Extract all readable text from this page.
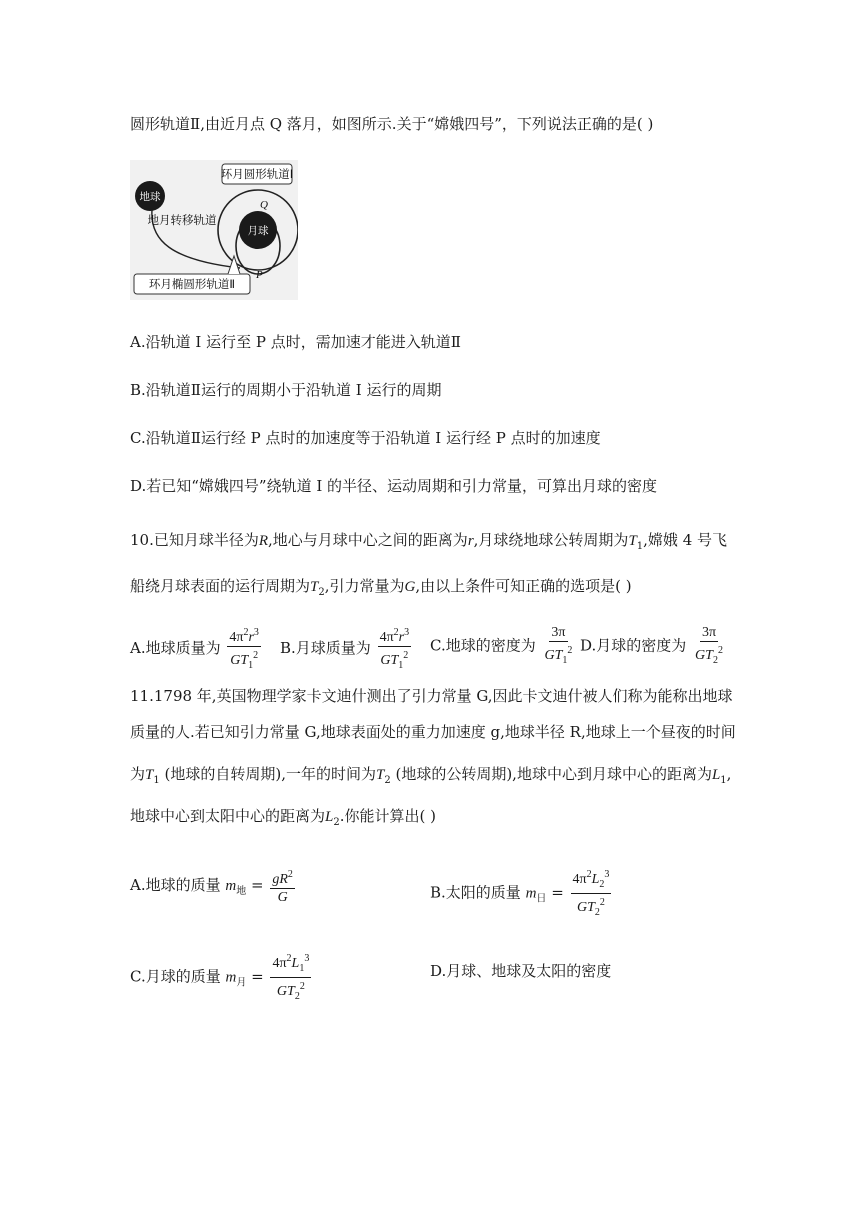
圆形轨道Ⅱ,由近月点 Q 落月，如图所示.关于“嫦娥四号”，下列说法正确的是( )
环月圆形轨道Ⅰ
地球
地月转移轨道
Q
月球
P
环月椭圆形轨道Ⅱ
A.沿轨道 I 运行至 P 点时，需加速才能进入轨道Ⅱ
B.沿轨道Ⅱ运行的周期小于沿轨道 I 运行的周期
C.沿轨道Ⅱ运行经 P 点时的加速度等于沿轨道 I 运行经 P 点时的加速度
D.若已知“嫦娥四号”绕轨道 I 的半径、运动周期和引力常量，可算出月球的密度
10.已知月球半径为R,地心与月球中心之间的距离为r,月球绕地球公转周期为$T_1$,嫦娥 4 号飞
船绕月球表面的运行周期为$T_2$,引力常量为G,由以上条件可知正确的选项是( )
A.地球质量为 $\frac{4\pi^2r^3}{GT_1^2} B$.月球质量为 $\frac{4\pi^2r^3}{GT_1^2} C$.地球的密度为 $\frac{3\pi}{GT_1^2} D$.月球的密度为 $\frac{3\pi}{GT_2^2}$
11.1798 年,英国物理学家卡文迪什测出了引力常量 G,因此卡文迪什被人们称为能称出地球
质量的人.若已知引力常量 G,地球表面处的重力加速度 g,地球半径 R,地球上一个昼夜的时间
为$T_1$ (地球的自转周期),一年的时间为$T_2$ (地球的公转周期),地球中心到月球中心的距离为$L_1$,
地球中心到太阳中心的距离为$L_2$.你能计算出( )
A.地球的质量 $m_地 = \frac{gR^2}{G}$	B.太阳的质量 $m_日 = \frac{4\pi^2L_2^3}{GT_2^2}$
C.月球的质量 $m_月 = \frac{4\pi^2L_1^3}{GT_2^2}$	D.月球、地球及太阳的密度
